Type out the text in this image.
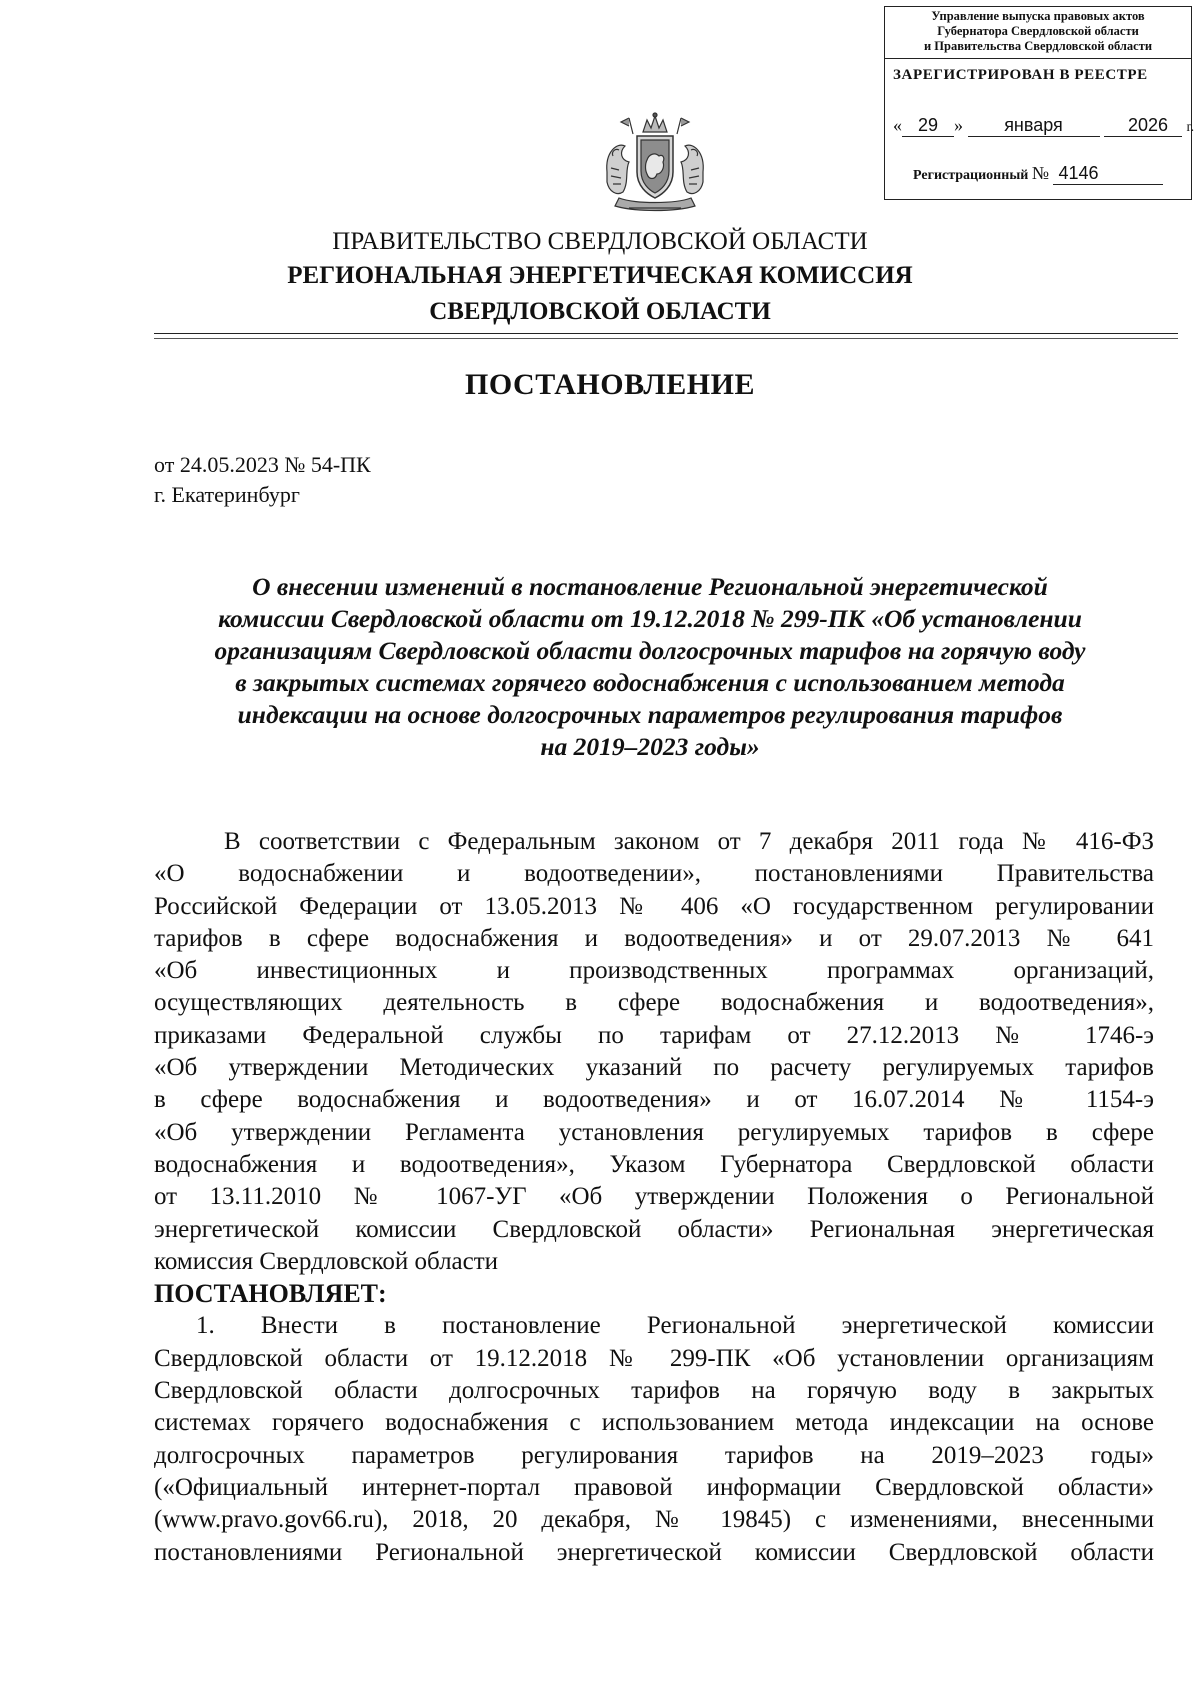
Управление выпуска правовых актов
Губернатора Свердловской области
и Правительства Свердловской области
ЗАРЕГИСТРИРОВАН В РЕЕСТРЕ
« 29 » января	2026 г.
Регистрационный № 4146
ПРАВИТЕЛЬСТВО СВЕРДЛОВСКОЙ ОБЛАСТИ
РЕГИОНАЛЬНАЯ ЭНЕРГЕТИЧЕСКАЯ КОМИССИЯ
СВЕРДЛОВСКОЙ ОБЛАСТИ
ПОСТАНОВЛЕНИЕ
от 24.05.2023 № 54-ПК
г. Екатеринбург
О внесении изменений в постановление Региональной энергетической
комиссии Свердловской области от 19.12.2018 № 299-ПК «Об установлении
организациям Свердловской области долгосрочных тарифов на горячую воду
в закрытых системах горячего водоснабжения с использованием метода
индексации на основе долгосрочных параметров регулирования тарифов
на 2019–2023 годы»
В соответствии с Федеральным законом от 7 декабря 2011 года № 416-ФЗ
«О водоснабжении и водоотведении», постановлениями Правительства
Российской Федерации от 13.05.2013 № 406 «О государственном регулировании
тарифов в сфере водоснабжения и водоотведения» и от 29.07.2013 № 641
«Об инвестиционных и производственных программах организаций,
осуществляющих деятельность в сфере водоснабжения и водоотведения»,
приказами Федеральной службы по тарифам от 27.12.2013 № 1746-э
«Об утверждении Методических указаний по расчету регулируемых тарифов
в сфере водоснабжения и водоотведения» и от 16.07.2014 № 1154-э
«Об утверждении Регламента установления регулируемых тарифов в сфере
водоснабжения и водоотведения», Указом Губернатора Свердловской области
от 13.11.2010 № 1067-УГ «Об утверждении Положения о Региональной
энергетической комиссии Свердловской области» Региональная энергетическая
комиссия Свердловской области
ПОСТАНОВЛЯЕТ:
1. Внести в постановление Региональной энергетической комиссии
Свердловской области от 19.12.2018 № 299-ПК «Об установлении организациям
Свердловской области долгосрочных тарифов на горячую воду в закрытых
системах горячего водоснабжения с использованием метода индексации на основе
долгосрочных параметров регулирования тарифов на 2019–2023 годы»
(«Официальный интернет-портал правовой информации Свердловской области»
(www.pravo.gov66.ru), 2018, 20 декабря, № 19845) с изменениями, внесенными
постановлениями Региональной энергетической комиссии Свердловской области
